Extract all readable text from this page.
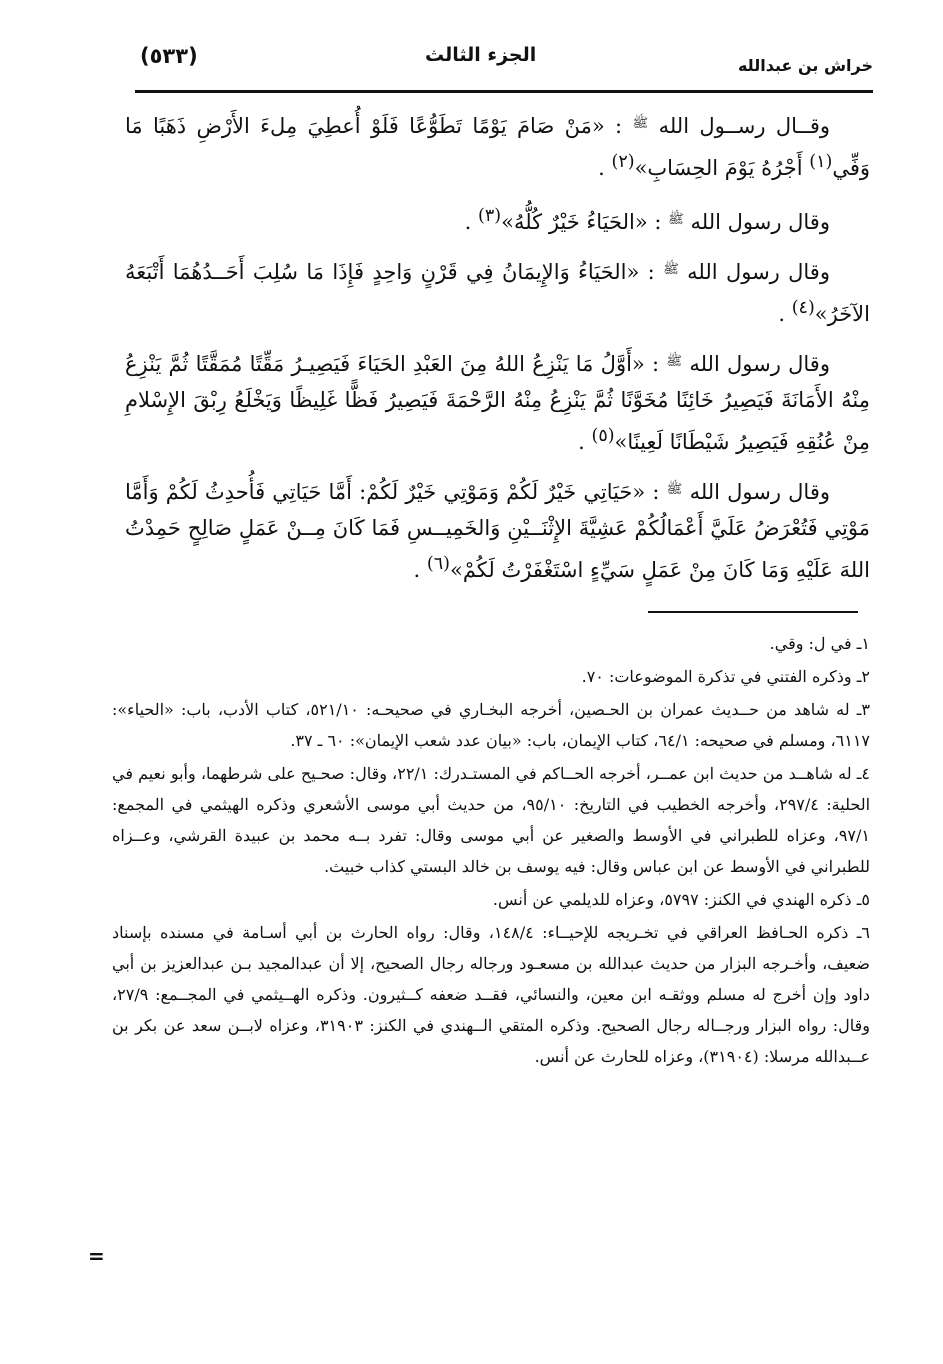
(٥٣٣)	الجزء الثالث	خراش بن عبدالله

وقــال رســول الله $^ﷺ$ : «مَنْ صَامَ يَوْمًا تَطَوُّعًا فَلَوْ أُعطِيَ مِلءَ الأَرْضِ ذَهَبًا مَا وَفِّي$^{(١)}$ أَجْرُهُ يَوْمَ الحِسَابِ»$^{(٢)}$ .

وقال رسول الله $^ﷺ$ : «الحَيَاءُ خَيْرٌ كُلُّهُ»$^{(٣)}$ .

وقال رسول الله $^ﷺ$ : «الحَيَاءُ وَالإِيمَانُ فِي قَرْنٍ وَاحِدٍ فَإِذَا مَا سُلِبَ أَحَــدُهُمَا أَتْبَعَهُ الآخَرُ»$^{(٤)}$ .

وقال رسول الله $^ﷺ$ : «أَوَّلُ مَا يَنْزِعُ اللهُ مِنَ العَبْدِ الحَيَاءَ فَيَصِيـرُ مَقِّتًا مُمَقَّتًا ثُمَّ يَنْزِعُ مِنْهُ الأَمَانَةَ فَيَصِيرُ خَائِنًا مُخَوَّنًا ثُمَّ يَنْزِعُ مِنْهُ الرَّحْمَةَ فَيَصِيرُ فَظًّا غَلِيظًا وَيَخْلَعُ رِبْقَ الإِسْلامِ مِنْ عُنُقِهِ فَيَصِيرُ شَيْطَانًا لَعِينًا»$^{(٥)}$ .

وقال رسول الله $^ﷺ$ : «حَيَاتِي خَيْرٌ لَكُمْ وَمَوْتِي خَيْرٌ لَكُمْ: أَمَّا حَيَاتِي فَأُحدِثُ لَكُمْ وَأَمَّا مَوْتِي فَتُعْرَضُ عَلَيَّ أَعْمَالُكُمْ عَشِيَّةَ الإِثْنَــيْنِ وَالخَمِيــسِ فَمَا كَانَ مِــنْ عَمَلٍ صَالِحٍ حَمِدْتُ اللهَ عَلَيْهِ وَمَا كَانَ مِنْ عَمَلٍ سَيِّءٍ اسْتَغْفَرْتُ لَكُمْ»$^{(٦)}$ .

١ـ في ل: وقي.

٢ـ وذكره الفتني في تذكرة الموضوعات: ٧٠.

٣ـ له شاهد من حــديث عمران بن الحـصين، أخرجه البخـاري في صحيحـه: ٥٢١/١٠، كتاب الأدب، باب: «الحياء»: ٦١١٧، ومسلم في صحيحه: ٦٤/١، كتاب الإيمان، باب: «بيان عدد شعب الإيمان»: ٦٠ ـ ٣٧.

٤ـ له شاهــد من حديث ابن عمــر، أخرجه الحــاكم في المستـدرك: ٢٢/١، وقال: صحـيح على شرطهما، وأبو نعيم في الحلية: ٢٩٧/٤، وأخرجه الخطيب في التاريخ: ٩٥/١٠، من حديث أبي موسى الأشعري وذكره الهيثمي في المجمع: ٩٧/١، وعزاه للطبراني في الأوسط والصغير عن أبي موسى وقال: تفرد بــه محمد بن عبيدة القرشي، وعــزاه للطبراني في الأوسط عن ابن عباس وقال: فيه يوسف بن خالد البستي كذاب خبيث.

٥ـ ذكره الهندي في الكنز: ٥٧٩٧، وعزاه للديلمي عن أنس.

٦ـ ذكره الحـافظ العراقي في تخـريجه للإحيــاء: ١٤٨/٤، وقال: رواه الحارث بن أبي أسـامة في مسنده بإسناد ضعيف، وأخـرجه البزار من حديث عبدالله بن مسعـود ورجاله رجال الصحيح، إلا أن عبدالمجيد بـن عبدالعزيز بن أبي داود وإن أخرج له مسلم ووثقـه ابن معين، والنسائي، فقــد ضعفه كــثيرون. وذكره الهــيثمي في المجــمع: ٢٧/٩، وقال: رواه البزار ورجــاله رجال الصحيح. وذكره المتقي الــهندي في الكنز: ٣١٩٠٣، وعزاه لابــن سعد عن بكر بن عــبدالله مرسلا: (٣١٩٠٤)، وعزاه للحارث عن أنس.

=
